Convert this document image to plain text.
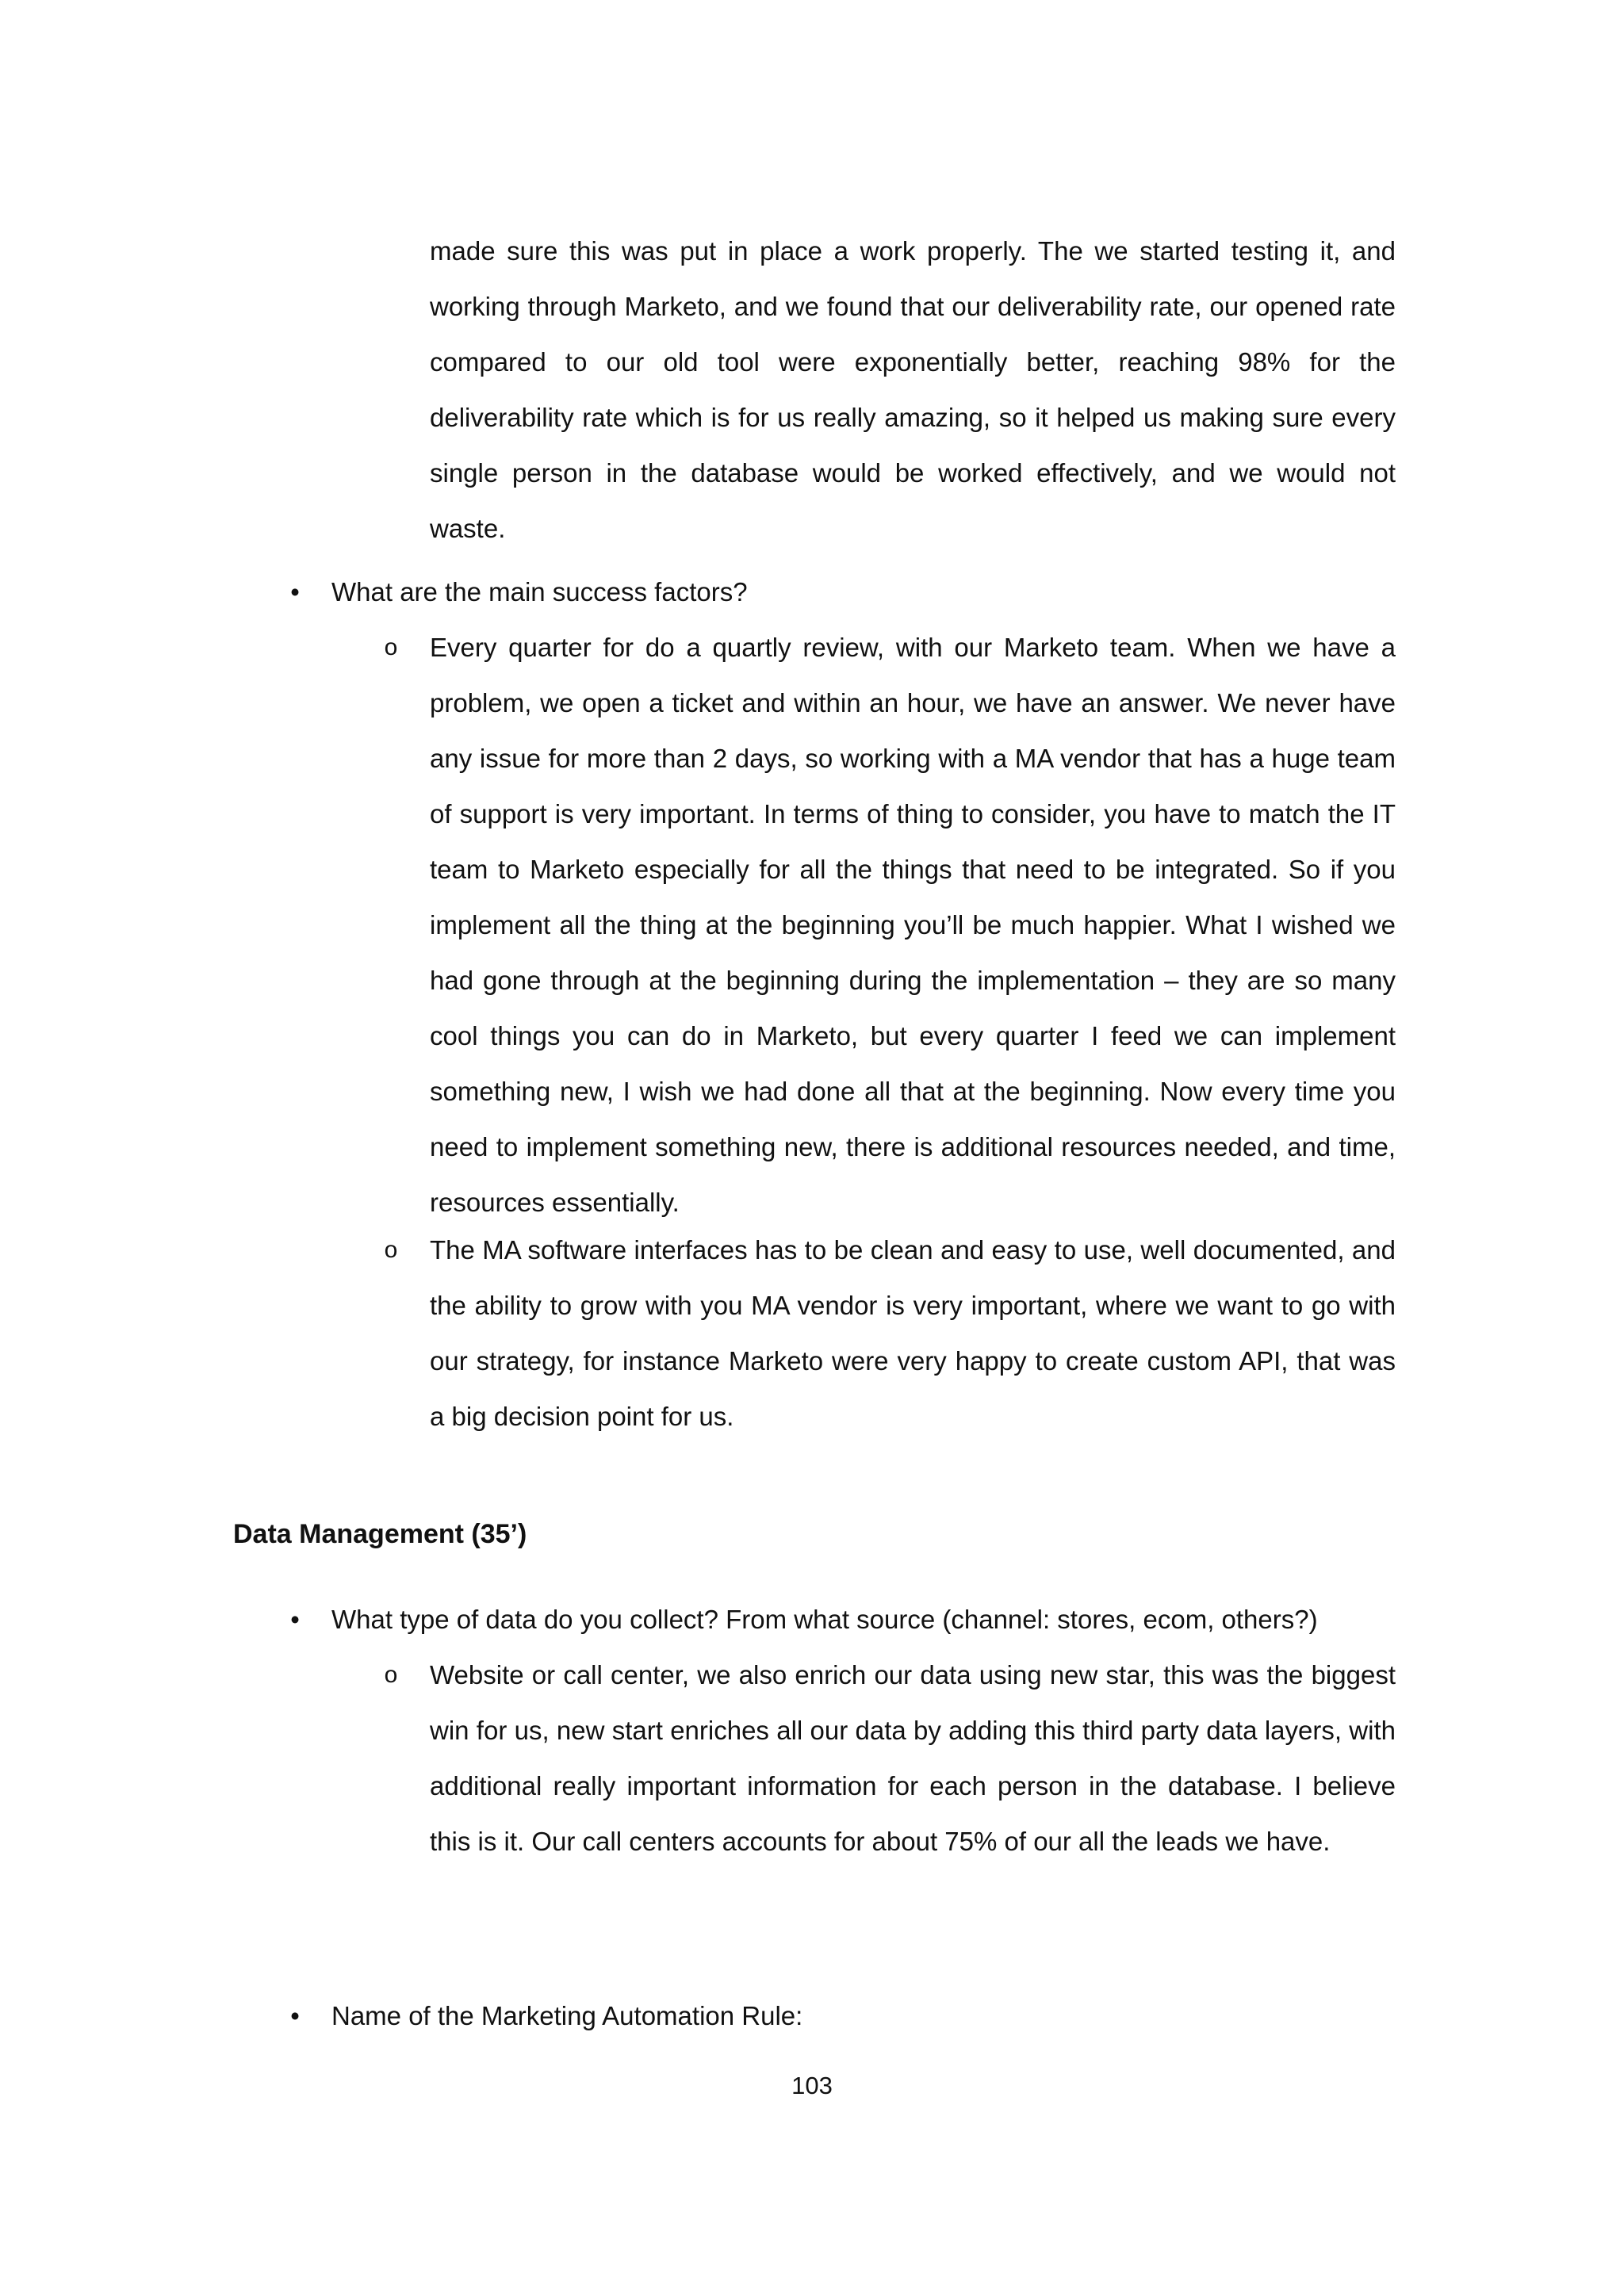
made sure this was put in place a work properly. The we started testing it, and working through Marketo, and we found that our deliverability rate, our opened rate compared to our old tool were exponentially better, reaching 98% for the deliverability rate which is for us really amazing, so it helped us making sure every single person in the database would be worked effectively, and we would not waste.

• What are the main success factors?
o Every quarter for do a quartly review, with our Marketo team. When we have a problem, we open a ticket and within an hour, we have an answer. We never have any issue for more than 2 days, so working with a MA vendor that has a huge team of support is very important. In terms of thing to consider, you have to match the IT team to Marketo especially for all the things that need to be integrated. So if you implement all the thing at the beginning you’ll be much happier. What I wished we had gone through at the beginning during the implementation – they are so many cool things you can do in Marketo, but every quarter I feed we can implement something new, I wish we had done all that at the beginning. Now every time you need to implement something new, there is additional resources needed, and time, resources essentially.

o The MA software interfaces has to be clean and easy to use, well documented, and the ability to grow with you MA vendor is very important, where we want to go with our strategy, for instance Marketo were very happy to create custom API, that was a big decision point for us.

Data Management (35’)
• What type of data do you collect? From what source (channel: stores, ecom, others?)
o Website or call center, we also enrich our data using new star, this was the biggest win for us, new start enriches all our data by adding this third party data layers, with additional really important information for each person in the database. I believe this is it. Our call centers accounts for about 75% of our all the leads we have.

• Name of the Marketing Automation Rule:
103
